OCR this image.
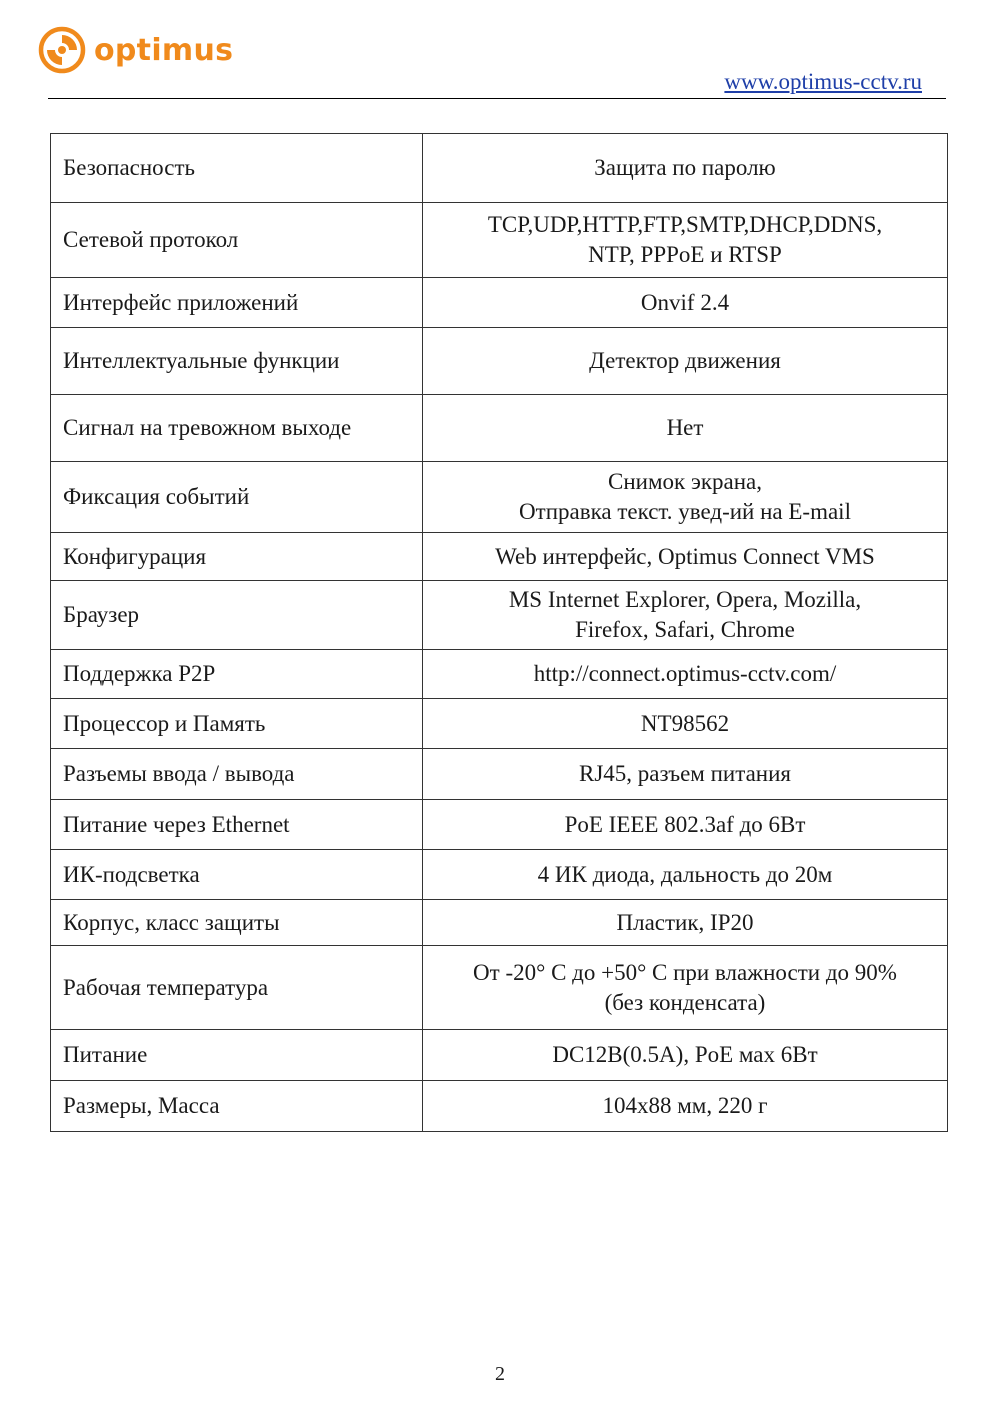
optimus
www.optimus-cctv.ru
Безопасность	Защита по паролю
Сетевой протокол	TCP,UDP,HTTP,FTP,SMTP,DHCP,DDNS,
NTP, PPPoE и RTSP
Интерфейс приложений	Onvif 2.4
Интеллектуальные функции	Детектор движения
Сигнал на тревожном выходе	Нет
Фиксация событий	Снимок экрана,
Отправка текст. увед-ий на E-mail
Конфигурация	Web интерфейс, Optimus Connect VMS
Браузер	MS Internet Explorer, Opera, Mozilla,
Firefox, Safari, Chrome
Поддержка P2P	http://connect.optimus-cctv.com/
Процессор и Память	NT98562
Разъемы ввода / вывода	RJ45, разъем питания
Питание через Ethernet	PoE IEEE 802.3af до 6Вт
ИК-подсветка	4 ИК диода, дальность до 20м
Корпус, класс защиты	Пластик, IP20
Рабочая температура	От -20° С до +50° С при влажности до 90%
(без конденсата)
Питание	DC12В(0.5А), PoE мах 6Вт
Размеры, Масса	104x88 мм, 220 г
2
